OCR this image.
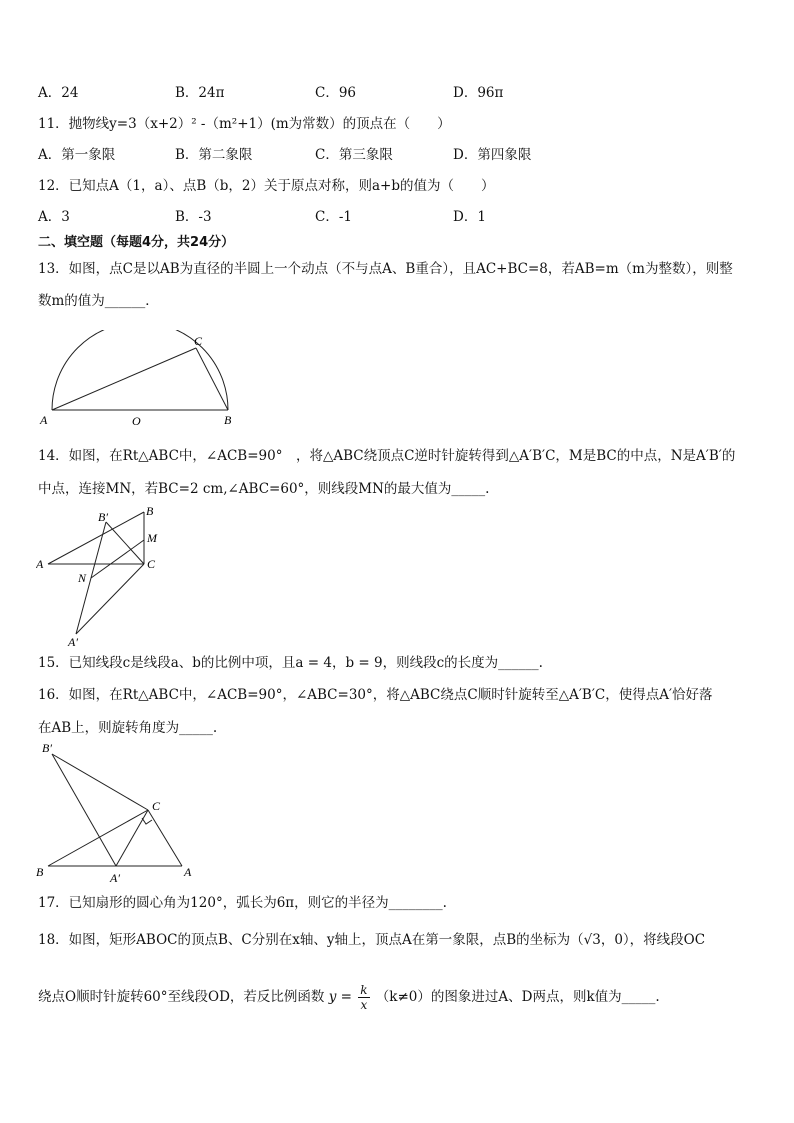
A．24	B．24π	C．96	D．96π
11．抛物线y=3（x+2）² -（m²+1）(m为常数）的顶点在（　　）
A．第一象限	B．第二象限	C．第三象限	D．第四象限
12．已知点A（1，a）、点B（b，2）关于原点对称，则a+b的值为（　　）
A．3	B．-3	C．-1	D．1
二、填空题（每题4分，共24分）
13．如图，点C是以AB为直径的半圆上一个动点（不与点A、B重合），且AC+BC=8，若AB=m（m为整数），则整
数m的值为______．
A	O	B
C
14．如图，在Rt△ABC中，∠ACB=90°　，将△ABC绕顶点C逆时针旋转得到△A′B′C，M是BC的中点，N是A′B′的
中点，连接MN，若BC=2 cm,∠ABC=60°，则线段MN的最大值为_____.
A
B
C
M
N
B′
A′
15．已知线段c是线段a、b的比例中项，且a = 4，b = 9，则线段c的长度为______.
16．如图，在Rt△ABC中，∠ACB=90°，∠ABC=30°，将△ABC绕点C顺时针旋转至△A′B′C，使得点A′恰好落
在AB上，则旋转角度为_____.
B	A
C
A′
B′
17．已知扇形的圆心角为120°，弧长为6π，则它的半径为________.
18．如图，矩形ABOC的顶点B、C分别在x轴、y轴上，顶点A在第一象限，点B的坐标为（√3，0），将线段OC
绕点O顺时针旋转60°至线段OD，若反比例函数 $y = \frac{k}{x} (k\ne 0)$的图象进过A、D两点，则k值为_____.
